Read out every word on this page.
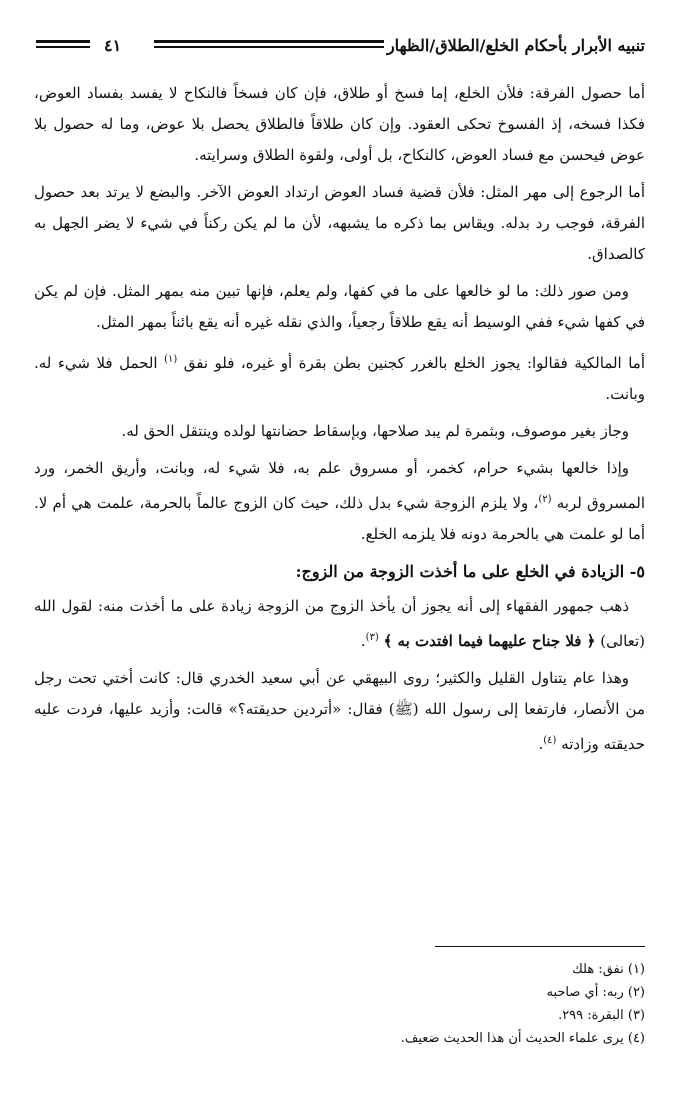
تنبيه الأبرار بأحكام الخلع/الطلاق/الظهار
٤١

أما حصول الفرقة: فلأن الخلع، إما فسخ أو طلاق، فإن كان فسخاً فالنكاح لا يفسد بفساد العوض، فكذا فسخه، إذ الفسوخ تحكى العقود. وإن كان طلاقاً فالطلاق يحصل بلا عوض، وما له حصول بلا عوض فيحسن مع فساد العوض، كالنكاح، بل أولى، ولقوة الطلاق وسرايته.

أما الرجوع إلى مهر المثل: فلأن قضية فساد العوض ارتداد العوض الآخر. والبضع لا يرتد بعد حصول الفرقة، فوجب رد بدله. ويقاس بما ذكره ما يشبهه، لأن ما لم يكن ركناً في شيء لا يضر الجهل به كالصداق.

ومن صور ذلك: ما لو خالعها على ما في كفها، ولم يعلم، فإنها تبين منه بمهر المثل. فإن لم يكن في كفها شيء ففي الوسيط أنه يقع طلاقاً رجعياً، والذي نقله غيره أنه يقع بائناً بمهر المثل.

أما المالكية فقالوا: يجوز الخلع بالغرر كجنين بطن بقرة أو غيره، فلو نفق $^{(١)}$ الحمل فلا شيء له. وبانت.

وجاز بغير موصوف، وبثمرة لم يبد صلاحها، وبإسقاط حضانتها لولده وينتقل الحق له.

وإذا خالعها بشيء حرام، كخمر، أو مسروق علم به، فلا شيء له، وبانت، وأريق الخمر، ورد المسروق لربه $^{(٢)}$، ولا يلزم الزوجة شيء بدل ذلك، حيث كان الزوج عالماً بالحرمة، علمت هي أم لا. أما لو علمت هي بالحرمة دونه فلا يلزمه الخلع.

٥- الزيادة في الخلع على ما أخذت الزوجة من الزوج:

ذهب جمهور الفقهاء إلى أنه يجوز أن يأخذ الزوج من الزوجة زيادة على ما أخذت منه: لقول الله (تعالى) ﴿ فلا جناح عليهما فيما افتدت به ﴾ $^{(٣)}$.

وهذا عام يتناول القليل والكثير؛ روى البيهقي عن أبي سعيد الخدري قال: كانت أختي تحت رجل من الأنصار، فارتفعا إلى رسول الله (ﷺ) فقال: «أتردين حديقته؟» قالت: وأزيد عليها، فردت عليه حديقته وزادته $^{(٤)}$.

(١) نفق: هلك
(٢) ربه: أي صاحبه
(٣) البقرة: ٢٩٩.
(٤) يرى علماء الحديث أن هذا الحديث ضعيف.
